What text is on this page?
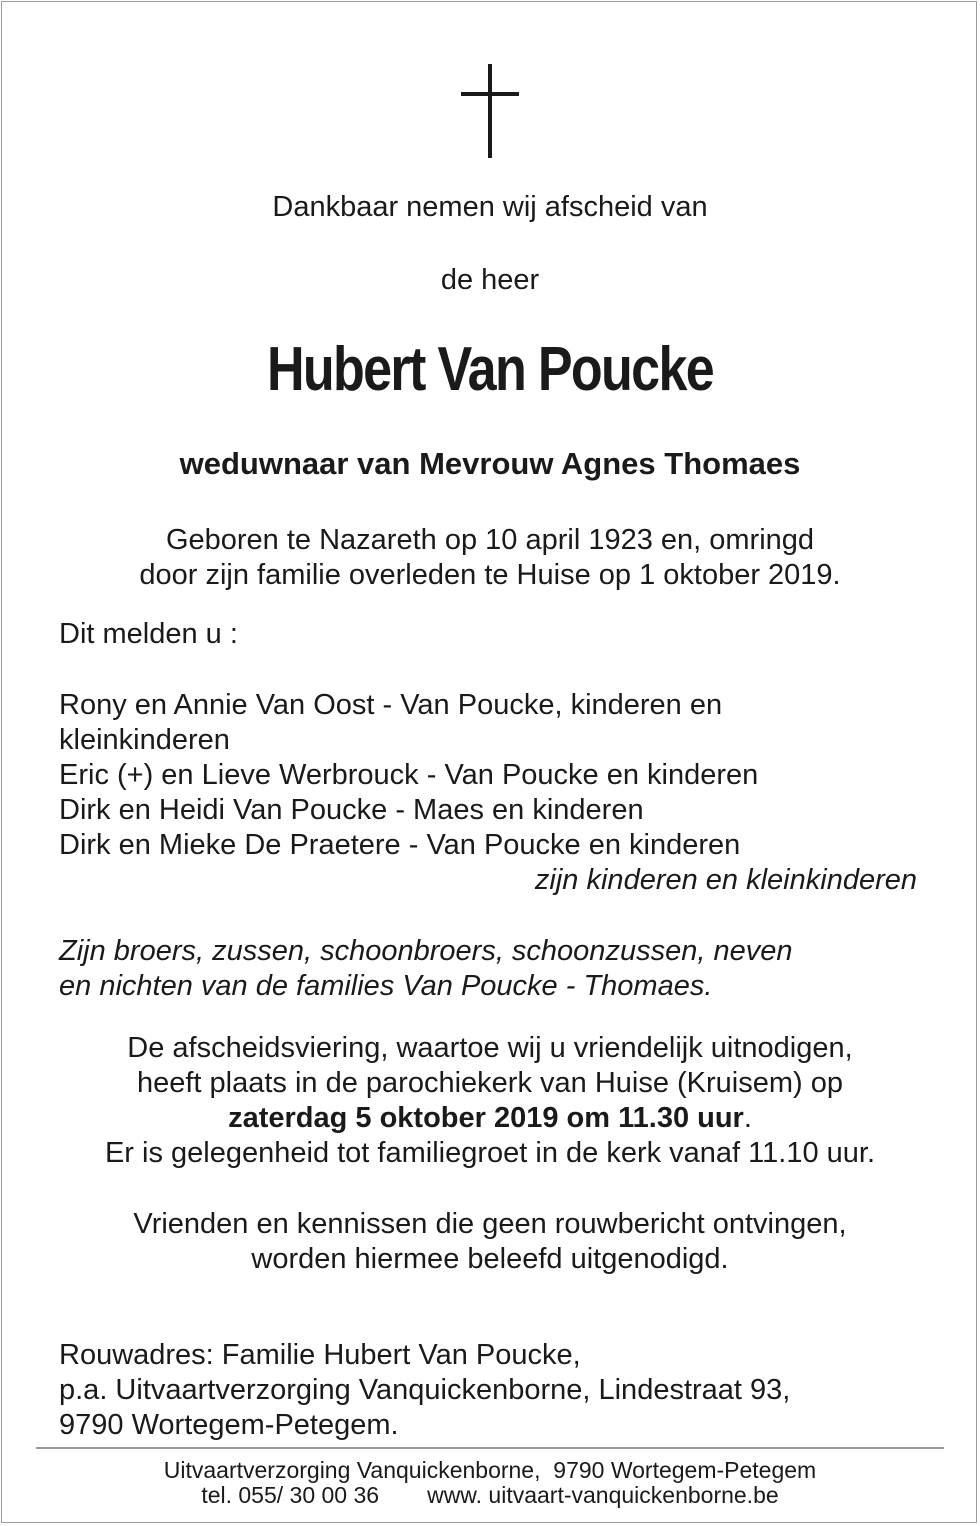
Dankbaar nemen wij afscheid van
de heer
Hubert Van Poucke
weduwnaar van Mevrouw Agnes Thomaes
Geboren te Nazareth op 10 april 1923 en, omringd
door zijn familie overleden te Huise op 1 oktober 2019.
Dit melden u :
Rony en Annie Van Oost - Van Poucke, kinderen en
kleinkinderen
Eric (+) en Lieve Werbrouck - Van Poucke en kinderen
Dirk en Heidi Van Poucke - Maes en kinderen
Dirk en Mieke De Praetere - Van Poucke en kinderen
zijn kinderen en kleinkinderen
Zijn broers, zussen, schoonbroers, schoonzussen, neven
en nichten van de families Van Poucke - Thomaes.
De afscheidsviering, waartoe wij u vriendelijk uitnodigen,
heeft plaats in de parochiekerk van Huise (Kruisem) op
zaterdag 5 oktober 2019 om 11.30 uur.
Er is gelegenheid tot familiegroet in de kerk vanaf 11.10 uur.
Vrienden en kennissen die geen rouwbericht ontvingen,
worden hiermee beleefd uitgenodigd.
Rouwadres: Familie Hubert Van Poucke,
p.a. Uitvaartverzorging Vanquickenborne, Lindestraat 93,
9790 Wortegem-Petegem.
Uitvaartverzorging Vanquickenborne, 9790 Wortegem-Petegem
tel. 055/ 30 00 36 www. uitvaart-vanquickenborne.be
